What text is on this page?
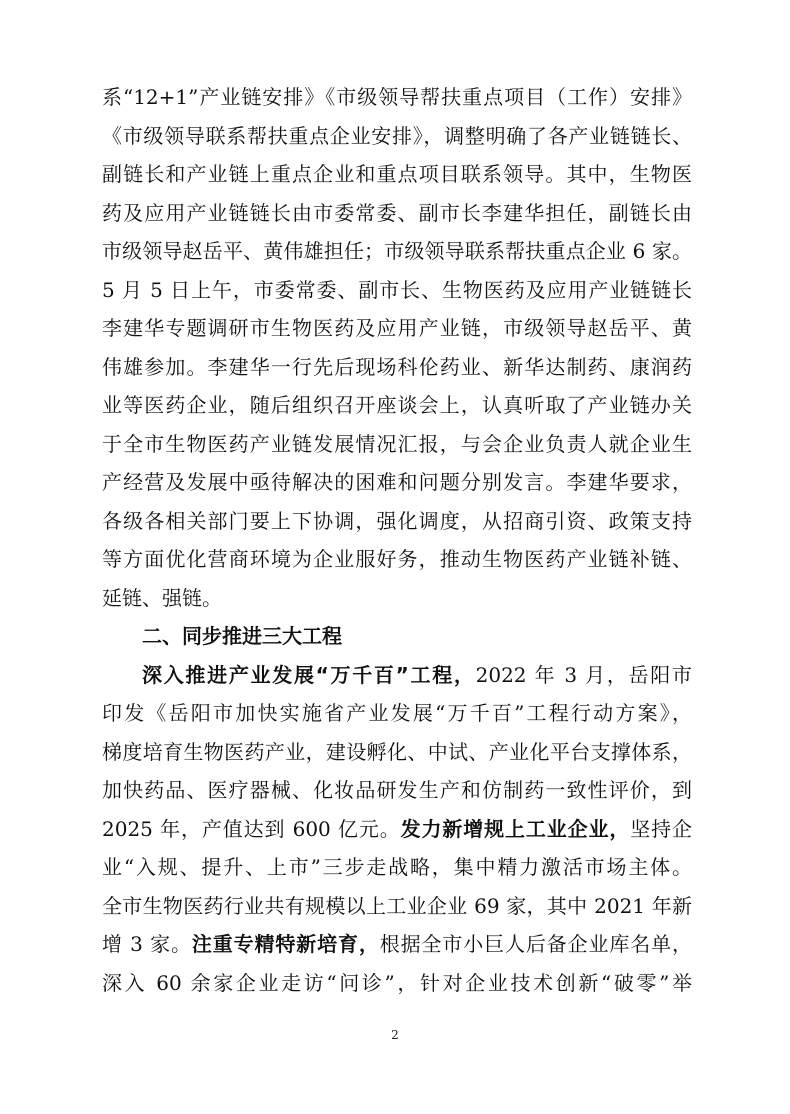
系“12+1”产业链安排》《市级领导帮扶重点项目（工作）安排》
《市级领导联系帮扶重点企业安排》，调整明确了各产业链链长、
副链长和产业链上重点企业和重点项目联系领导。其中，生物医
药及应用产业链链长由市委常委、副市长李建华担任，副链长由
市级领导赵岳平、黄伟雄担任；市级领导联系帮扶重点企业 6 家。
5 月 5 日上午，市委常委、副市长、生物医药及应用产业链链长
李建华专题调研市生物医药及应用产业链，市级领导赵岳平、黄
伟雄参加。李建华一行先后现场科伦药业、新华达制药、康润药
业等医药企业，随后组织召开座谈会上，认真听取了产业链办关
于全市生物医药产业链发展情况汇报，与会企业负责人就企业生
产经营及发展中亟待解决的困难和问题分别发言。李建华要求，
各级各相关部门要上下协调，强化调度，从招商引资、政策支持
等方面优化营商环境为企业服好务，推动生物医药产业链补链、
延链、强链。
二、同步推进三大工程
深入推进产业发展“万千百”工程，2022 年 3 月，岳阳市
印发《岳阳市加快实施省产业发展“万千百”工程行动方案》，
梯度培育生物医药产业，建设孵化、中试、产业化平台支撑体系，
加快药品、医疗器械、化妆品研发生产和仿制药一致性评价，到
2025 年，产值达到 600 亿元。发力新增规上工业企业，坚持企
业“入规、提升、上市”三步走战略，集中精力激活市场主体。
全市生物医药行业共有规模以上工业企业 69 家，其中 2021 年新
增 3 家。注重专精特新培育，根据全市小巨人后备企业库名单，
深入 60 余家企业走访“问诊”，针对企业技术创新“破零”举
2
